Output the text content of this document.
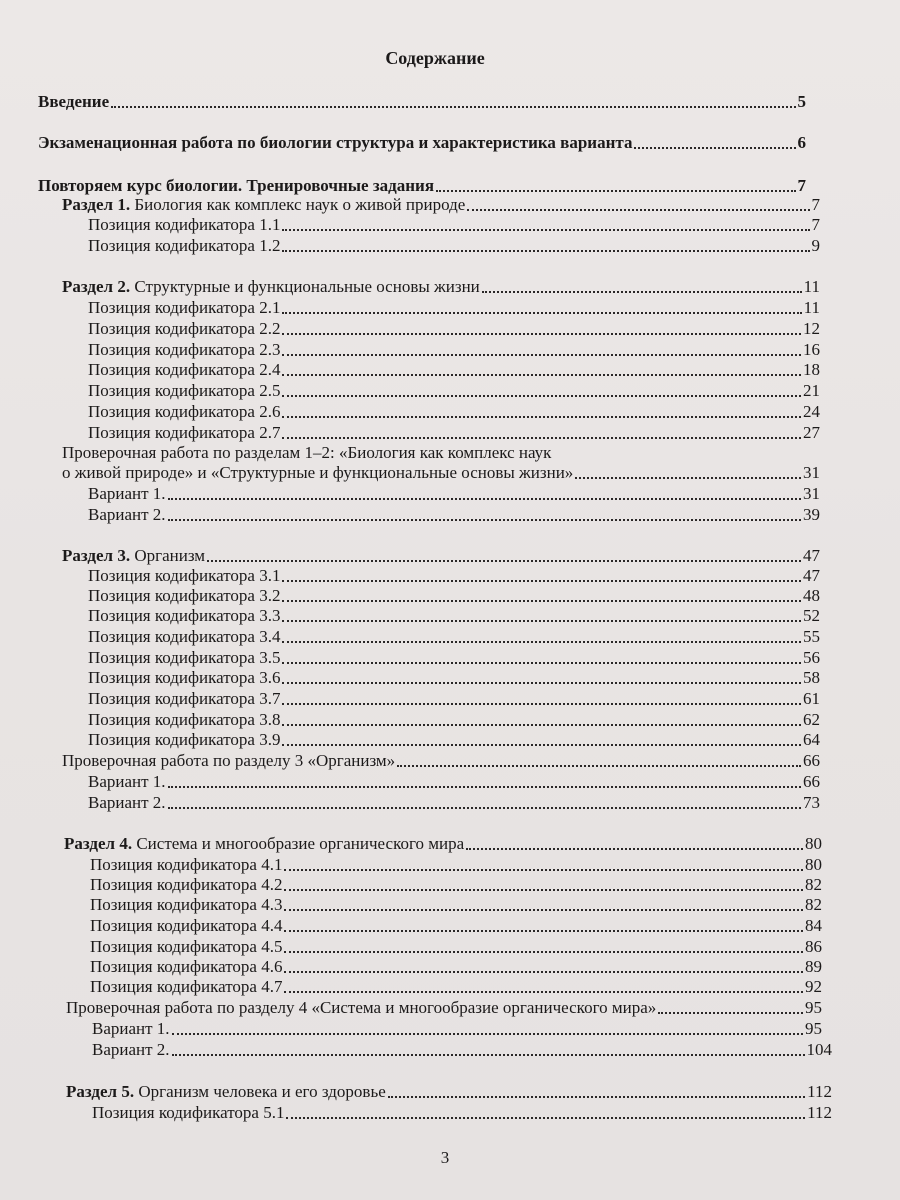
Содержание
Введение	5
Экзаменационная работа по биологии структура и характеристика варианта	6
Повторяем курс биологии. Тренировочные задания	7
Раздел 1. Биология как комплекс наук о живой природе	7
Позиция кодификатора 1.1	7
Позиция кодификатора 1.2	9
Раздел 2. Структурные и функциональные основы жизни	11
Позиция кодификатора 2.1	11
Позиция кодификатора 2.2	12
Позиция кодификатора 2.3	16
Позиция кодификатора 2.4	18
Позиция кодификатора 2.5	21
Позиция кодификатора 2.6	24
Позиция кодификатора 2.7	27
Проверочная работа по разделам 1–2: «Биология как комплекс наук
о живой природе» и «Структурные и функциональные основы жизни»	31
Вариант 1.	31
Вариант 2.	39
Раздел 3. Организм	47
Позиция кодификатора 3.1	47
Позиция кодификатора 3.2	48
Позиция кодификатора 3.3	52
Позиция кодификатора 3.4	55
Позиция кодификатора 3.5	56
Позиция кодификатора 3.6	58
Позиция кодификатора 3.7	61
Позиция кодификатора 3.8	62
Позиция кодификатора 3.9	64
Проверочная работа по разделу 3 «Организм»	66
Вариант 1.	66
Вариант 2.	73
Раздел 4. Система и многообразие органического мира	80
Позиция кодификатора 4.1	80
Позиция кодификатора 4.2	82
Позиция кодификатора 4.3	82
Позиция кодификатора 4.4	84
Позиция кодификатора 4.5	86
Позиция кодификатора 4.6	89
Позиция кодификатора 4.7	92
Проверочная работа по разделу 4 «Система и многообразие органического мира»	95
Вариант 1.	95
Вариант 2.	104
Раздел 5. Организм человека и его здоровье	112
Позиция кодификатора 5.1	112
3
